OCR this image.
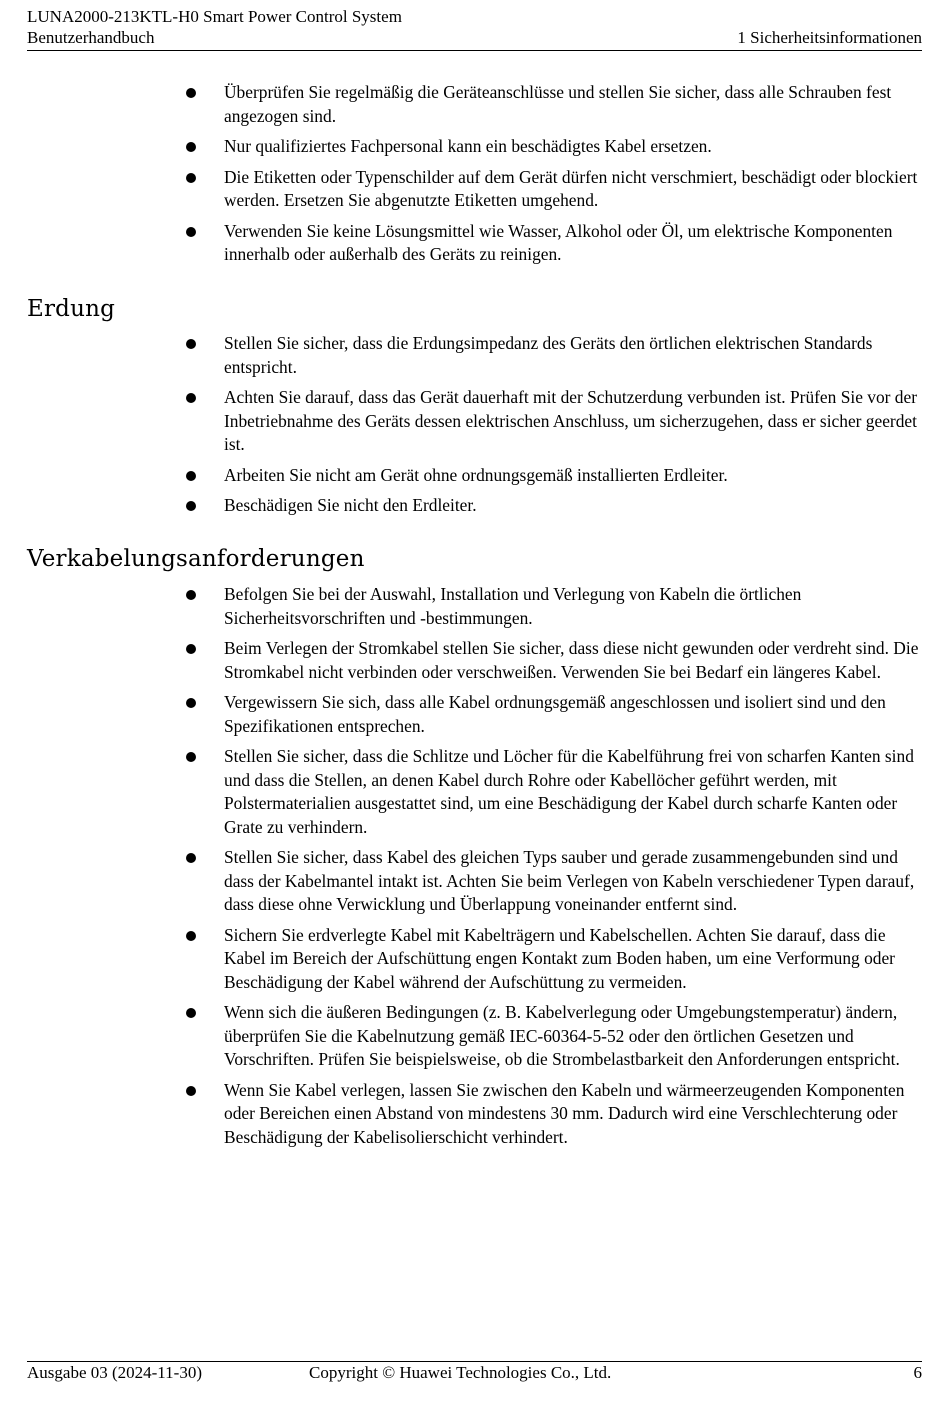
LUNA2000-213KTL-H0 Smart Power Control System
Benutzerhandbuch	1 Sicherheitsinformationen
Überprüfen Sie regelmäßig die Geräteanschlüsse und stellen Sie sicher, dass alle Schrauben fest angezogen sind.
Nur qualifiziertes Fachpersonal kann ein beschädigtes Kabel ersetzen.
Die Etiketten oder Typenschilder auf dem Gerät dürfen nicht verschmiert, beschädigt oder blockiert werden. Ersetzen Sie abgenutzte Etiketten umgehend.
Verwenden Sie keine Lösungsmittel wie Wasser, Alkohol oder Öl, um elektrische Komponenten innerhalb oder außerhalb des Geräts zu reinigen.
Erdung
Stellen Sie sicher, dass die Erdungsimpedanz des Geräts den örtlichen elektrischen Standards entspricht.
Achten Sie darauf, dass das Gerät dauerhaft mit der Schutzerdung verbunden ist. Prüfen Sie vor der Inbetriebnahme des Geräts dessen elektrischen Anschluss, um sicherzugehen, dass er sicher geerdet ist.
Arbeiten Sie nicht am Gerät ohne ordnungsgemäß installierten Erdleiter.
Beschädigen Sie nicht den Erdleiter.
Verkabelungsanforderungen
Befolgen Sie bei der Auswahl, Installation und Verlegung von Kabeln die örtlichen Sicherheitsvorschriften und -bestimmungen.
Beim Verlegen der Stromkabel stellen Sie sicher, dass diese nicht gewunden oder verdreht sind. Die Stromkabel nicht verbinden oder verschweißen. Verwenden Sie bei Bedarf ein längeres Kabel.
Vergewissern Sie sich, dass alle Kabel ordnungsgemäß angeschlossen und isoliert sind und den Spezifikationen entsprechen.
Stellen Sie sicher, dass die Schlitze und Löcher für die Kabelführung frei von scharfen Kanten sind und dass die Stellen, an denen Kabel durch Rohre oder Kabellöcher geführt werden, mit Polstermaterialien ausgestattet sind, um eine Beschädigung der Kabel durch scharfe Kanten oder Grate zu verhindern.
Stellen Sie sicher, dass Kabel des gleichen Typs sauber und gerade zusammengebunden sind und dass der Kabelmantel intakt ist. Achten Sie beim Verlegen von Kabeln verschiedener Typen darauf, dass diese ohne Verwicklung und Überlappung voneinander entfernt sind.
Sichern Sie erdverlegte Kabel mit Kabelträgern und Kabelschellen. Achten Sie darauf, dass die Kabel im Bereich der Aufschüttung engen Kontakt zum Boden haben, um eine Verformung oder Beschädigung der Kabel während der Aufschüttung zu vermeiden.
Wenn sich die äußeren Bedingungen (z. B. Kabelverlegung oder Umgebungstemperatur) ändern, überprüfen Sie die Kabelnutzung gemäß IEC-60364-5-52 oder den örtlichen Gesetzen und Vorschriften. Prüfen Sie beispielsweise, ob die Strombelastbarkeit den Anforderungen entspricht.
Wenn Sie Kabel verlegen, lassen Sie zwischen den Kabeln und wärmeerzeugenden Komponenten oder Bereichen einen Abstand von mindestens 30 mm. Dadurch wird eine Verschlechterung oder Beschädigung der Kabelisolierschicht verhindert.
Ausgabe 03 (2024-11-30)	Copyright © Huawei Technologies Co., Ltd.	6
